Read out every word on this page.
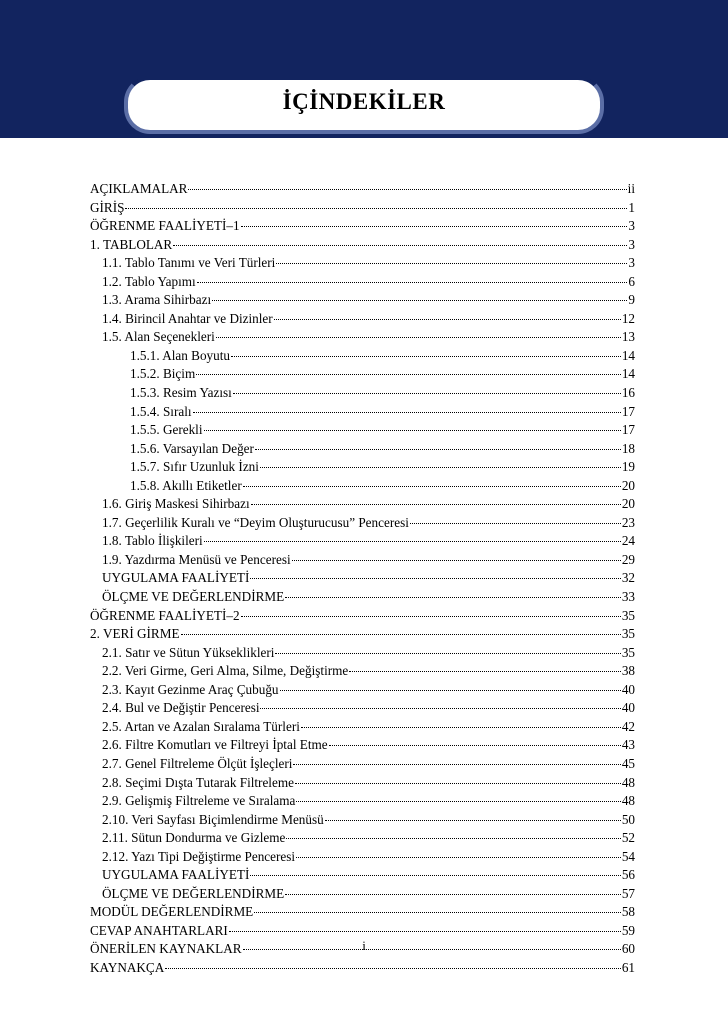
İÇİNDEKİLER
AÇIKLAMALAR	ii
GİRİŞ	1
ÖĞRENME FAALİYETİ–1	3
1. TABLOLAR	3
1.1. Tablo Tanımı ve Veri Türleri	3
1.2. Tablo Yapımı	6
1.3. Arama Sihirbazı	9
1.4. Birincil Anahtar ve Dizinler	12
1.5. Alan Seçenekleri	13
1.5.1. Alan Boyutu	14
1.5.2. Biçim	14
1.5.3. Resim Yazısı	16
1.5.4. Sıralı	17
1.5.5. Gerekli	17
1.5.6. Varsayılan Değer	18
1.5.7. Sıfır Uzunluk İzni	19
1.5.8. Akıllı Etiketler	20
1.6. Giriş Maskesi Sihirbazı	20
1.7. Geçerlilik Kuralı ve “Deyim Oluşturucusu” Penceresi	23
1.8. Tablo İlişkileri	24
1.9. Yazdırma Menüsü ve Penceresi	29
UYGULAMA FAALİYETİ	32
ÖLÇME VE DEĞERLENDİRME	33
ÖĞRENME FAALİYETİ–2	35
2. VERİ GİRME	35
2.1. Satır ve Sütun Yükseklikleri	35
2.2. Veri Girme, Geri Alma, Silme, Değiştirme	38
2.3. Kayıt Gezinme Araç Çubuğu	40
2.4. Bul ve Değiştir Penceresi	40
2.5. Artan ve Azalan Sıralama Türleri	42
2.6. Filtre Komutları ve Filtreyi İptal Etme	43
2.7. Genel Filtreleme Ölçüt İşleçleri	45
2.8. Seçimi Dışta Tutarak Filtreleme	48
2.9. Gelişmiş Filtreleme ve Sıralama	48
2.10. Veri Sayfası Biçimlendirme Menüsü	50
2.11. Sütun Dondurma ve Gizleme	52
2.12. Yazı Tipi Değiştirme Penceresi	54
UYGULAMA FAALİYETİ	56
ÖLÇME VE DEĞERLENDİRME	57
MODÜL DEĞERLENDİRME	58
CEVAP ANAHTARLARI	59
ÖNERİLEN KAYNAKLAR	60
KAYNAKÇA	61
i
